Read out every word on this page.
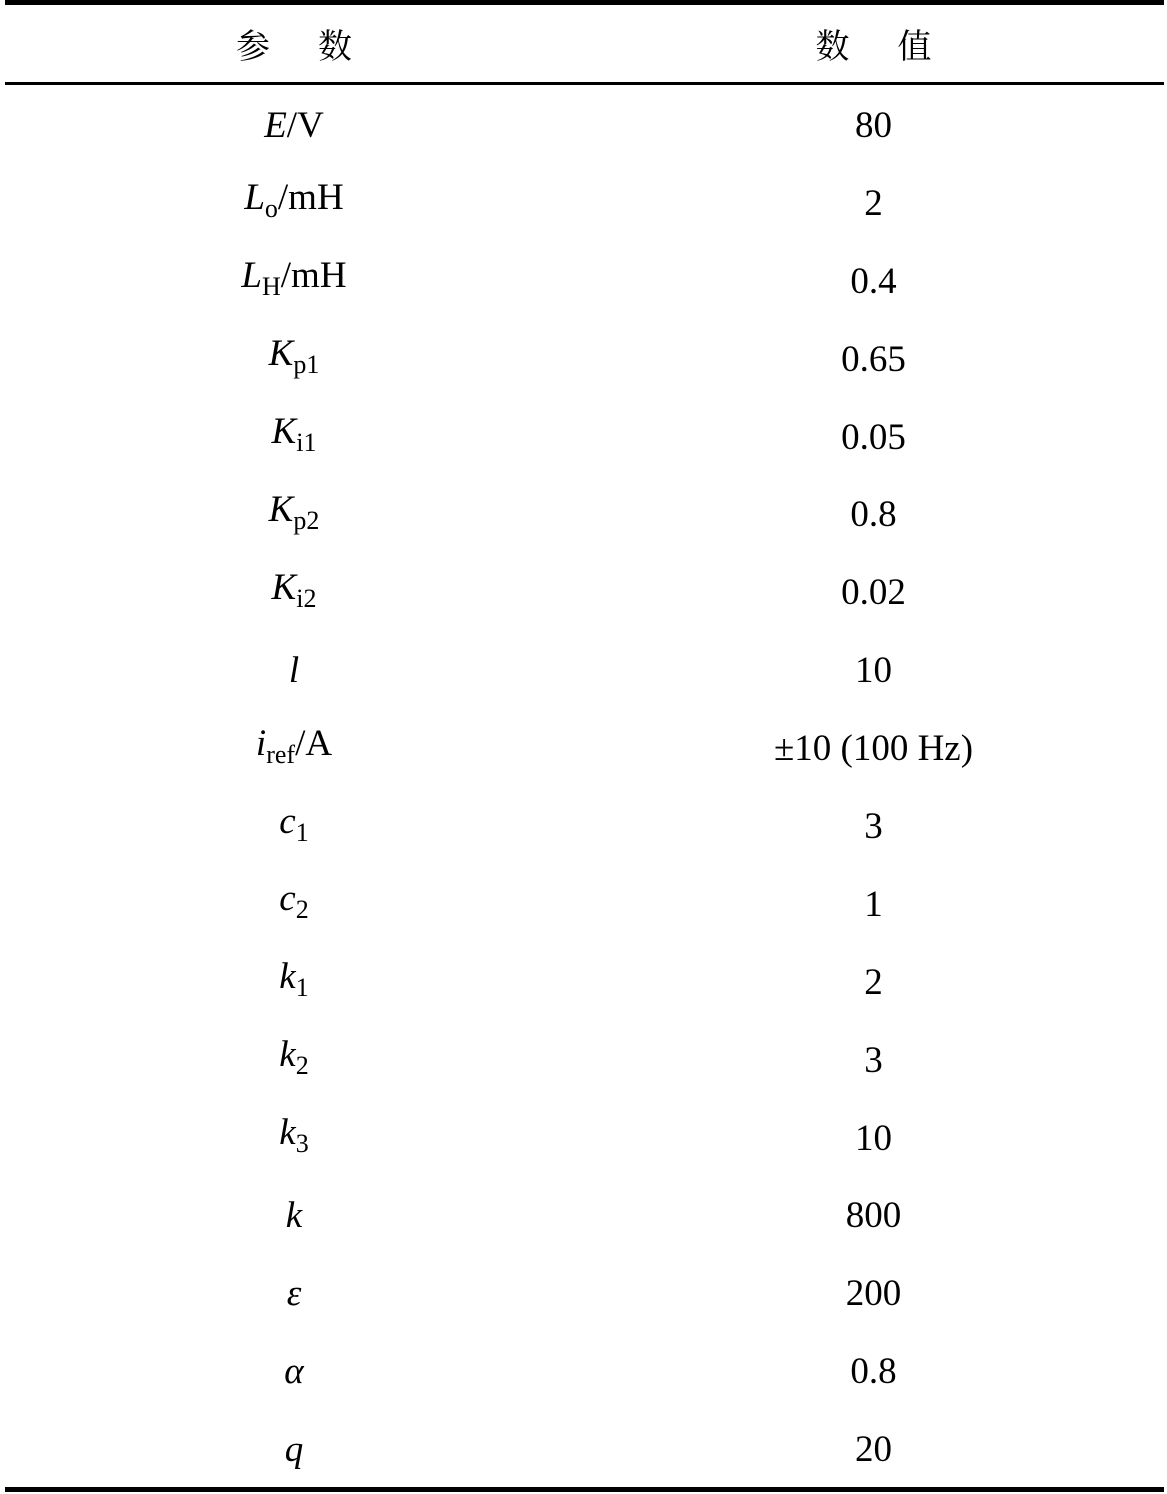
参 数	数 值
E/V	80
$L_o/mH$	2
$L_H/mH$	0.4
$K_{p1}$	0.65
$K_{i1}$	0.05
$K_{p2}$	0.8
$K_{i2}$	0.02
l	10
$i_{ref}/A$	±10 (100 Hz)
$c_1$	3
$c_2$	1
$k_1$	2
$k_2$	3
$k_3$	10
k	800
ε	200
α	0.8
q	20
